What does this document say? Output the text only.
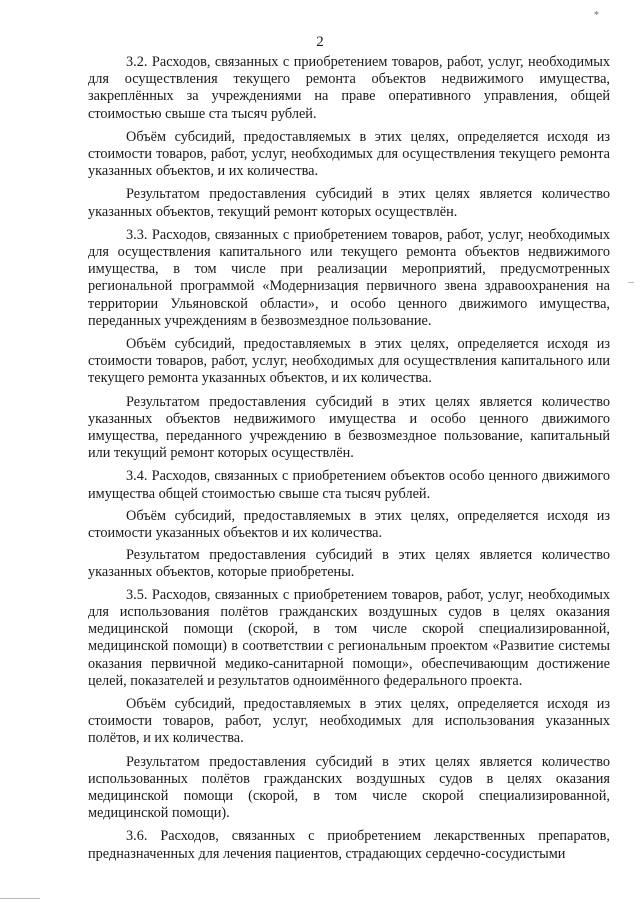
*
2

3.2. Расходов, связанных с приобретением товаров, работ, услуг, необходимых для осуществления текущего ремонта объектов недвижимого имущества, закреплённых за учреждениями на праве оперативного управления, общей стоимостью свыше ста тысяч рублей.

Объём субсидий, предоставляемых в этих целях, определяется исходя из стоимости товаров, работ, услуг, необходимых для осуществления текущего ремонта указанных объектов, и их количества.

Результатом предоставления субсидий в этих целях является количество указанных объектов, текущий ремонт которых осуществлён.

3.3. Расходов, связанных с приобретением товаров, работ, услуг, необходимых для осуществления капитального или текущего ремонта объектов недвижимого имущества, в том числе при реализации мероприятий, предусмотренных региональной программой «Модернизация первичного звена здравоохранения на территории Ульяновской области», и особо ценного движимого имущества, переданных учреждениям в безвозмездное пользование.

Объём субсидий, предоставляемых в этих целях, определяется исходя из стоимости товаров, работ, услуг, необходимых для осуществления капитального или текущего ремонта указанных объектов, и их количества.

Результатом предоставления субсидий в этих целях является количество указанных объектов недвижимого имущества и особо ценного движимого имущества, переданного учреждению в безвозмездное пользование, капитальный или текущий ремонт которых осуществлён.

3.4. Расходов, связанных с приобретением объектов особо ценного движимого имущества общей стоимостью свыше ста тысяч рублей.

Объём субсидий, предоставляемых в этих целях, определяется исходя из стоимости указанных объектов и их количества.

Результатом предоставления субсидий в этих целях является количество указанных объектов, которые приобретены.

3.5. Расходов, связанных с приобретением товаров, работ, услуг, необходимых для использования полётов гражданских воздушных судов в целях оказания медицинской помощи (скорой, в том числе скорой специализированной, медицинской помощи) в соответствии с региональным проектом «Развитие системы оказания первичной медико-санитарной помощи», обеспечивающим достижение целей, показателей и результатов одноимённого федерального проекта.

Объём субсидий, предоставляемых в этих целях, определяется исходя из стоимости товаров, работ, услуг, необходимых для использования указанных полётов, и их количества.

Результатом предоставления субсидий в этих целях является количество использованных полётов гражданских воздушных судов в целях оказания медицинской помощи (скорой, в том числе скорой специализированной, медицинской помощи).

3.6. Расходов, связанных с приобретением лекарственных препаратов, предназначенных для лечения пациентов, страдающих сердечно-сосудистыми
